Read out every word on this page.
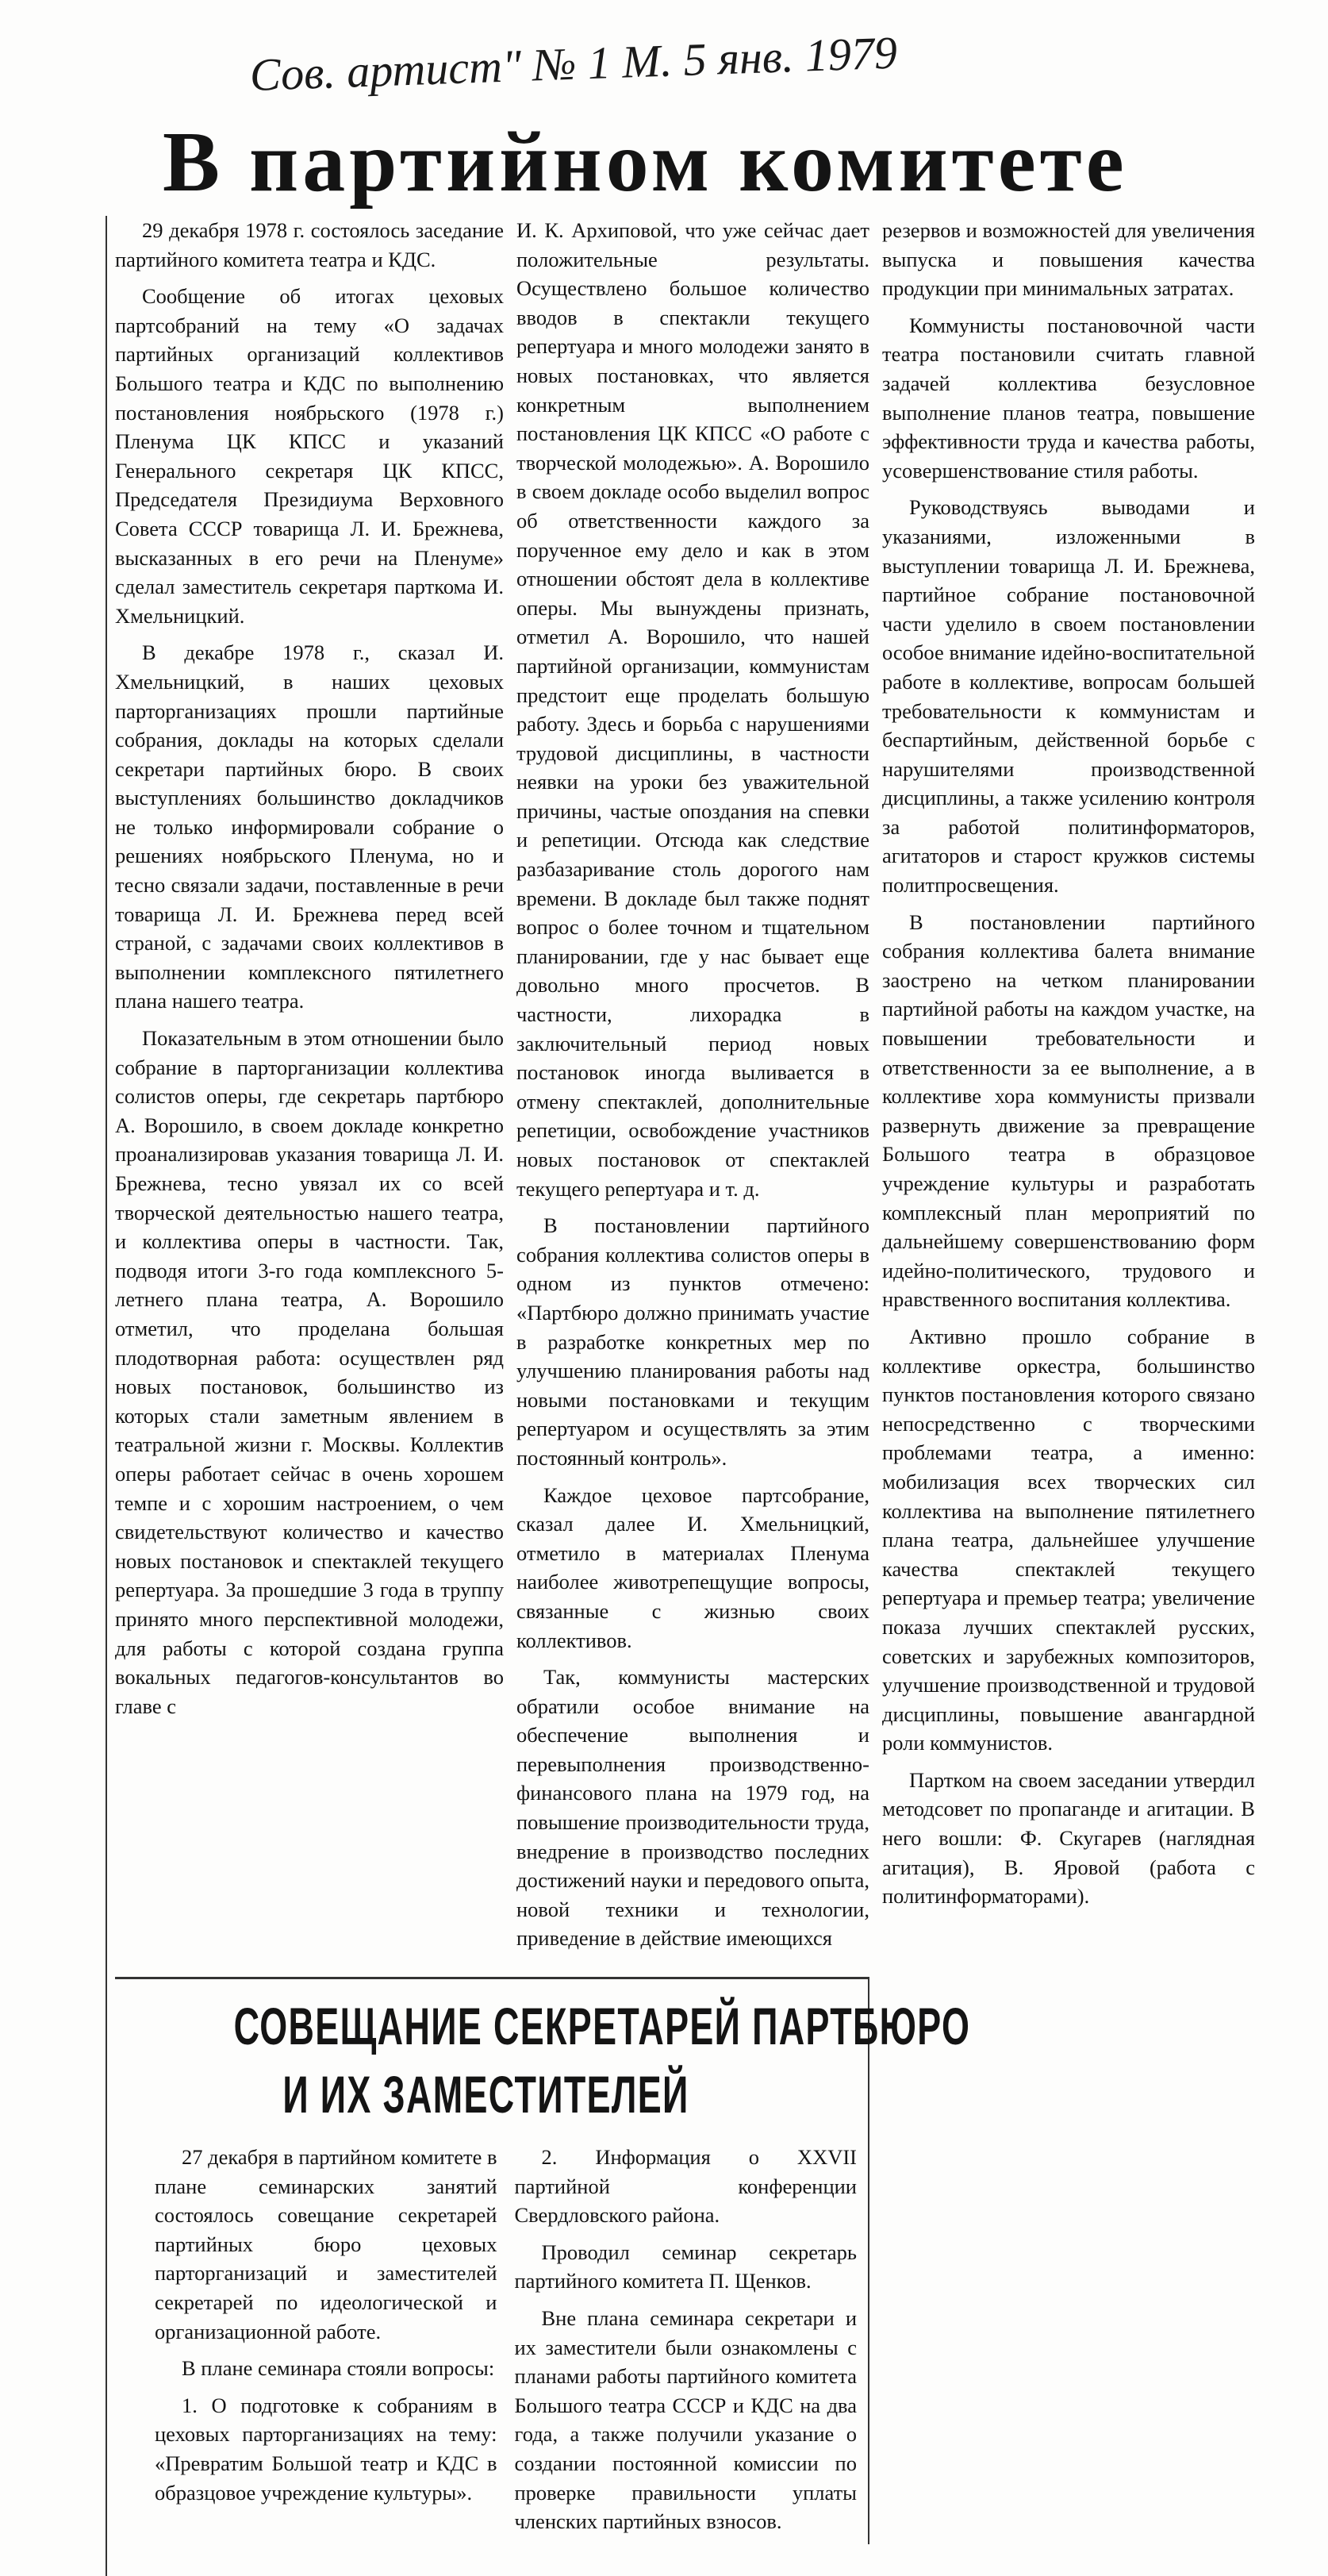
Сов. артист" № 1 М. 5 янв. 1979
В партийном комитете

29 декабря 1978 г. состоялось заседание партийного комитета театра и КДС.

Сообщение об итогах цеховых партсобраний на тему «О задачах партийных организаций коллективов Большого театра и КДС по выполнению постановления ноябрьского (1978 г.) Пленума ЦК КПСС и указаний Генерального секретаря ЦК КПСС, Председателя Президиума Верховного Совета СССР товарища Л. И. Брежнева, высказанных в его речи на Пленуме» сделал заместитель секретаря парткома И. Хмельницкий.

В декабре 1978 г., сказал И. Хмельницкий, в наших цеховых парторганизациях прошли партийные собрания, доклады на которых сделали секретари партийных бюро. В своих выступлениях большинство докладчиков не только информировали собрание о решениях ноябрьского Пленума, но и тесно связали задачи, поставленные в речи товарища Л. И. Брежнева перед всей страной, с задачами своих коллективов в выполнении комплексного пятилетнего плана нашего театра.

Показательным в этом отношении было собрание в парторганизации коллектива солистов оперы, где секретарь партбюро А. Ворошило, в своем докладе конкретно проанализировав указания товарища Л. И. Брежнева, тесно увязал их со всей творческой деятельностью нашего театра, и коллектива оперы в частности. Так, подводя итоги 3-го года комплексного 5-летнего плана театра, А. Ворошило отметил, что проделана большая плодотворная работа: осуществлен ряд новых постановок, большинство из которых стали заметным явлением в театральной жизни г. Москвы. Коллектив оперы работает сейчас в очень хорошем темпе и с хорошим настроением, о чем свидетельствуют количество и качество новых постановок и спектаклей текущего репертуара. За прошедшие 3 года в труппу принято много перспективной молодежи, для работы с которой создана группа вокальных педагогов-консультантов во главе с

И. К. Архиповой, что уже сейчас дает положительные результаты. Осуществлено большое количество вводов в спектакли текущего репертуара и много молодежи занято в новых постановках, что является конкретным выполнением постановления ЦК КПСС «О работе с творческой молодежью». А. Ворошило в своем докладе особо выделил вопрос об ответственности каждого за порученное ему дело и как в этом отношении обстоят дела в коллективе оперы. Мы вынуждены признать, отметил А. Ворошило, что нашей партийной организации, коммунистам предстоит еще проделать большую работу. Здесь и борьба с нарушениями трудовой дисциплины, в частности неявки на уроки без уважительной причины, частые опоздания на спевки и репетиции. Отсюда как следствие разбазаривание столь дорогого нам времени. В докладе был также поднят вопрос о более точном и тщательном планировании, где у нас бывает еще довольно много просчетов. В частности, лихорадка в заключительный период новых постановок иногда выливается в отмену спектаклей, дополнительные репетиции, освобождение участников новых постановок от спектаклей текущего репертуара и т. д.

В постановлении партийного собрания коллектива солистов оперы в одном из пунктов отмечено: «Партбюро должно принимать участие в разработке конкретных мер по улучшению планирования работы над новыми постановками и текущим репертуаром и осуществлять за этим постоянный контроль».

Каждое цеховое партсобрание, сказал далее И. Хмельницкий, отметило в материалах Пленума наиболее животрепещущие вопросы, связанные с жизнью своих коллективов.

Так, коммунисты мастерских обратили особое внимание на обеспечение выполнения и перевыполнения производственно-финансового плана на 1979 год, на повышение производительности труда, внедрение в производство последних достижений науки и передового опыта, новой техники и технологии, приведение в действие имеющихся

резервов и возможностей для увеличения выпуска и повышения качества продукции при минимальных затратах.

Коммунисты постановочной части театра постановили считать главной задачей коллектива безусловное выполнение планов театра, повышение эффективности труда и качества работы, усовершенствование стиля работы.

Руководствуясь выводами и указаниями, изложенными в выступлении товарища Л. И. Брежнева, партийное собрание постановочной части уделило в своем постановлении особое внимание идейно-воспитательной работе в коллективе, вопросам большей требовательности к коммунистам и беспартийным, действенной борьбе с нарушителями производственной дисциплины, а также усилению контроля за работой политинформаторов, агитаторов и старост кружков системы политпросвещения.

В постановлении партийного собрания коллектива балета внимание заострено на четком планировании партийной работы на каждом участке, на повышении требовательности и ответственности за ее выполнение, а в коллективе хора коммунисты призвали развернуть движение за превращение Большого театра в образцовое учреждение культуры и разработать комплексный план мероприятий по дальнейшему совершенствованию форм идейно-политического, трудового и нравственного воспитания коллектива.

Активно прошло собрание в коллективе оркестра, большинство пунктов постановления которого связано непосредственно с творческими проблемами театра, а именно: мобилизация всех творческих сил коллектива на выполнение пятилетнего плана театра, дальнейшее улучшение качества спектаклей текущего репертуара и премьер театра; увеличение показа лучших спектаклей русских, советских и зарубежных композиторов, улучшение производственной и трудовой дисциплины, повышение авангардной роли коммунистов.

Партком на своем заседании утвердил методсовет по пропаганде и агитации. В него вошли: Ф. Скугарев (наглядная агитация), В. Яровой (работа с политинформаторами).

СОВЕЩАНИЕ СЕКРЕТАРЕЙ ПАРТБЮРО
И ИХ ЗАМЕСТИТЕЛЕЙ

27 декабря в партийном комитете в плане семинарских занятий состоялось совещание секретарей партийных бюро цеховых парторганизаций и заместителей секретарей по идеологической и организационной работе.

В плане семинара стояли вопросы:

1. О подготовке к собраниям в цеховых парторганизациях на тему: «Превратим Большой театр и КДС в образцовое учреждение культуры».

2. Информация о XXVII партийной конференции Свердловского района.

Проводил семинар секретарь партийного комитета П. Щенков.

Вне плана семинара секретари и их заместители были ознакомлены с планами работы партийного комитета Большого театра СССР и КДС на два года, а также получили указание о создании постоянной комиссии по проверке правильности уплаты членских партийных взносов.
